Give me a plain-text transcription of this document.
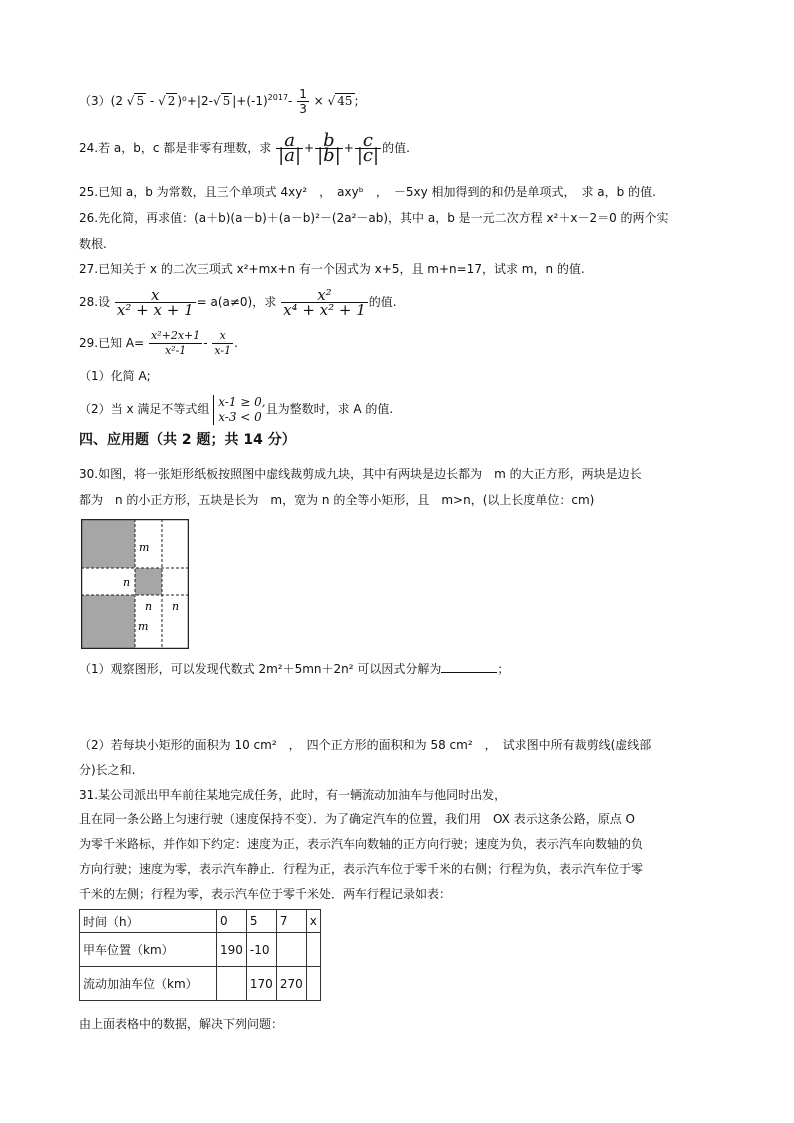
（3）(2 √ 5 - √ 2 )⁰+|2-√ 5 $|+(-1)^{2017}- \frac{1}{3}$ × √ 45 ;
24.若 a，b，c 都是非零有理数，求 $\frac{a}{|a|} + \frac{b}{|b|} + \frac{c}{|c|}$ 的值.
25.已知 a，b 为常数，且三个单项式 4xy²　，　axyᵇ　，　－5xy 相加得到的和仍是单项式，　求 a，b 的值.
26.先化简，再求值：(a＋b)(a－b)＋(a－b)²－(2a²－ab)，其中 a，b 是一元二次方程 x²＋x－2＝0 的两个实
数根.
27.已知关于 x 的二次三项式 x²+mx+n 有一个因式为 x+5，且 m+n=17，试求 m，n 的值.
28.设 $\frac{x}{\text{x² + x + 1}} = a(a\ne 0)$，求 $\frac{\text{x²}}{\text{x⁴ + x² + 1}}$ 的值.
29.已知 $A= \frac{\text{x²+2x+1}}{\text{x²-1}} - \frac{x}{x-1}$ .
（1）化简 A;
（2）当 x 满足不等式组
x-1 ≥ 0,
x-3 < 0
且为整数时，求 A 的值.
四、应用题（共 2 题；共 14 分）
30.如图，将一张矩形纸板按照图中虚线裁剪成九块，其中有两块是边长都为　m 的大正方形，两块是边长
都为　n 的小正方形，五块是长为　m，宽为 n 的全等小矩形，且　m>n，(以上长度单位：cm)
m
n
n n
m
（1）观察图形，可以发现代数式 2m²＋5mn＋2n² 可以因式分解为	；
（2）若每块小矩形的面积为 10 cm²　，　四个正方形的面积和为 58 cm²　，　试求图中所有裁剪线(虚线部
分)长之和.
31.某公司派出甲车前往某地完成任务，此时，有一辆流动加油车与他同时出发，
且在同一条公路上匀速行驶（速度保持不变）．为了确定汽车的位置，我们用　OX 表示这条公路，原点 O
为零千米路标，并作如下约定：速度为正，表示汽车向数轴的正方向行驶；速度为负，表示汽车向数轴的负
方向行驶；速度为零，表示汽车静止．行程为正，表示汽车位于零千米的右侧；行程为负，表示汽车位于零
千米的左侧；行程为零，表示汽车位于零千米处．两车行程记录如表：
时间（h）	0	5	7	x
甲车位置（km）	190	-10		
流动加油车位（km）		170	270	
由上面表格中的数据，解决下列问题：
